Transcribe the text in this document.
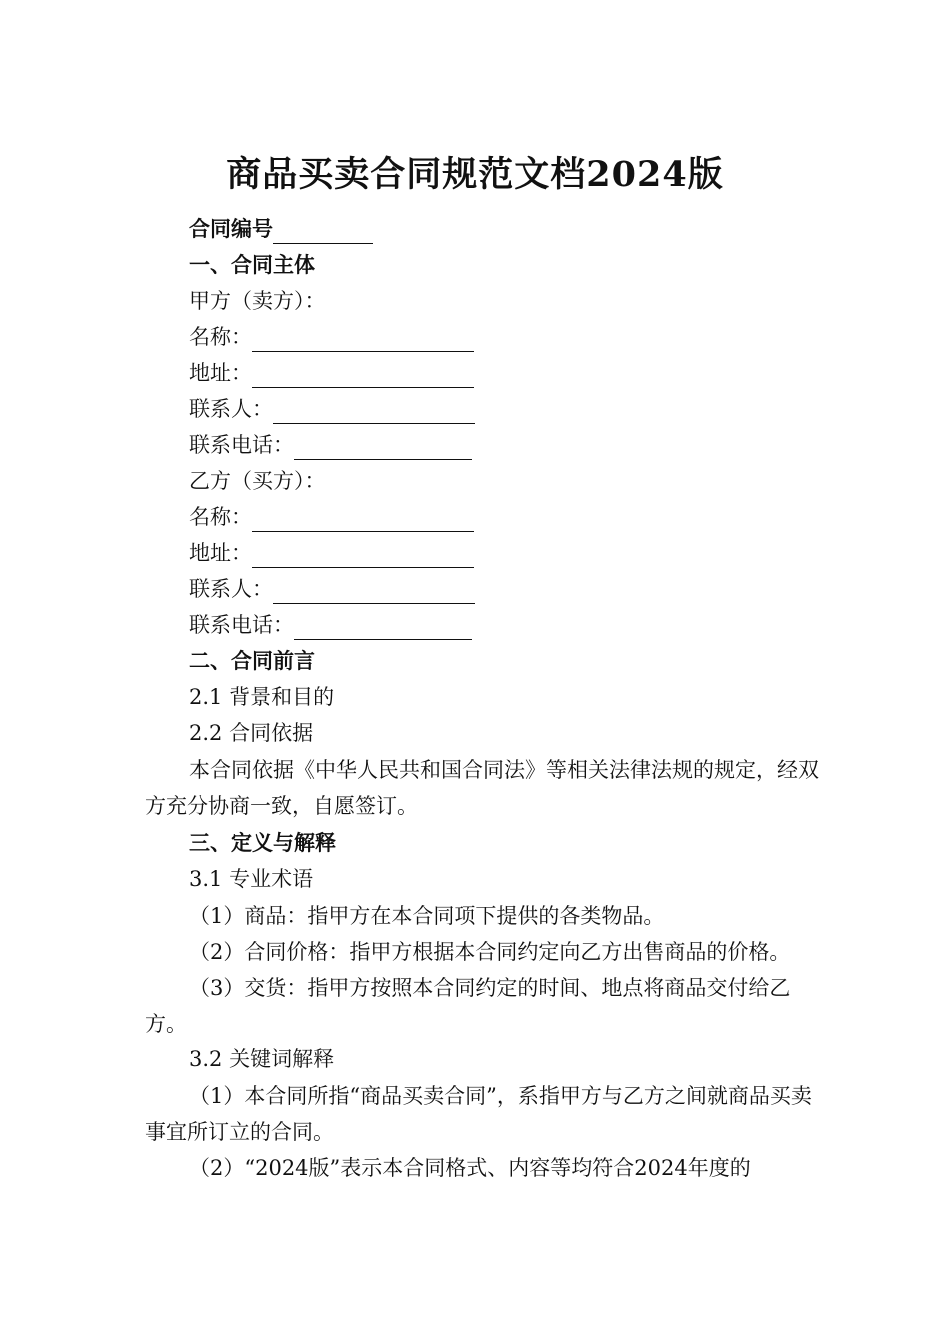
商品买卖合同规范文档2024版
合同编号
一、合同主体
甲方（卖方）：
名称：
地址：
联系人：
联系电话：
乙方（买方）：
名称：
地址：
联系人：
联系电话：
二、合同前言
2.1 背景和目的
2.2 合同依据
本合同依据《中华人民共和国合同法》等相关法律法规的规定，经双方充分协商一致，自愿签订。
三、定义与解释
3.1 专业术语
（1）商品：指甲方在本合同项下提供的各类物品。
（2）合同价格：指甲方根据本合同约定向乙方出售商品的价格。
（3）交货：指甲方按照本合同约定的时间、地点将商品交付给乙方。
3.2 关键词解释
（1）本合同所指“商品买卖合同”，系指甲方与乙方之间就商品买卖事宜所订立的合同。
（2）“2024版”表示本合同格式、内容等均符合2024年度的
